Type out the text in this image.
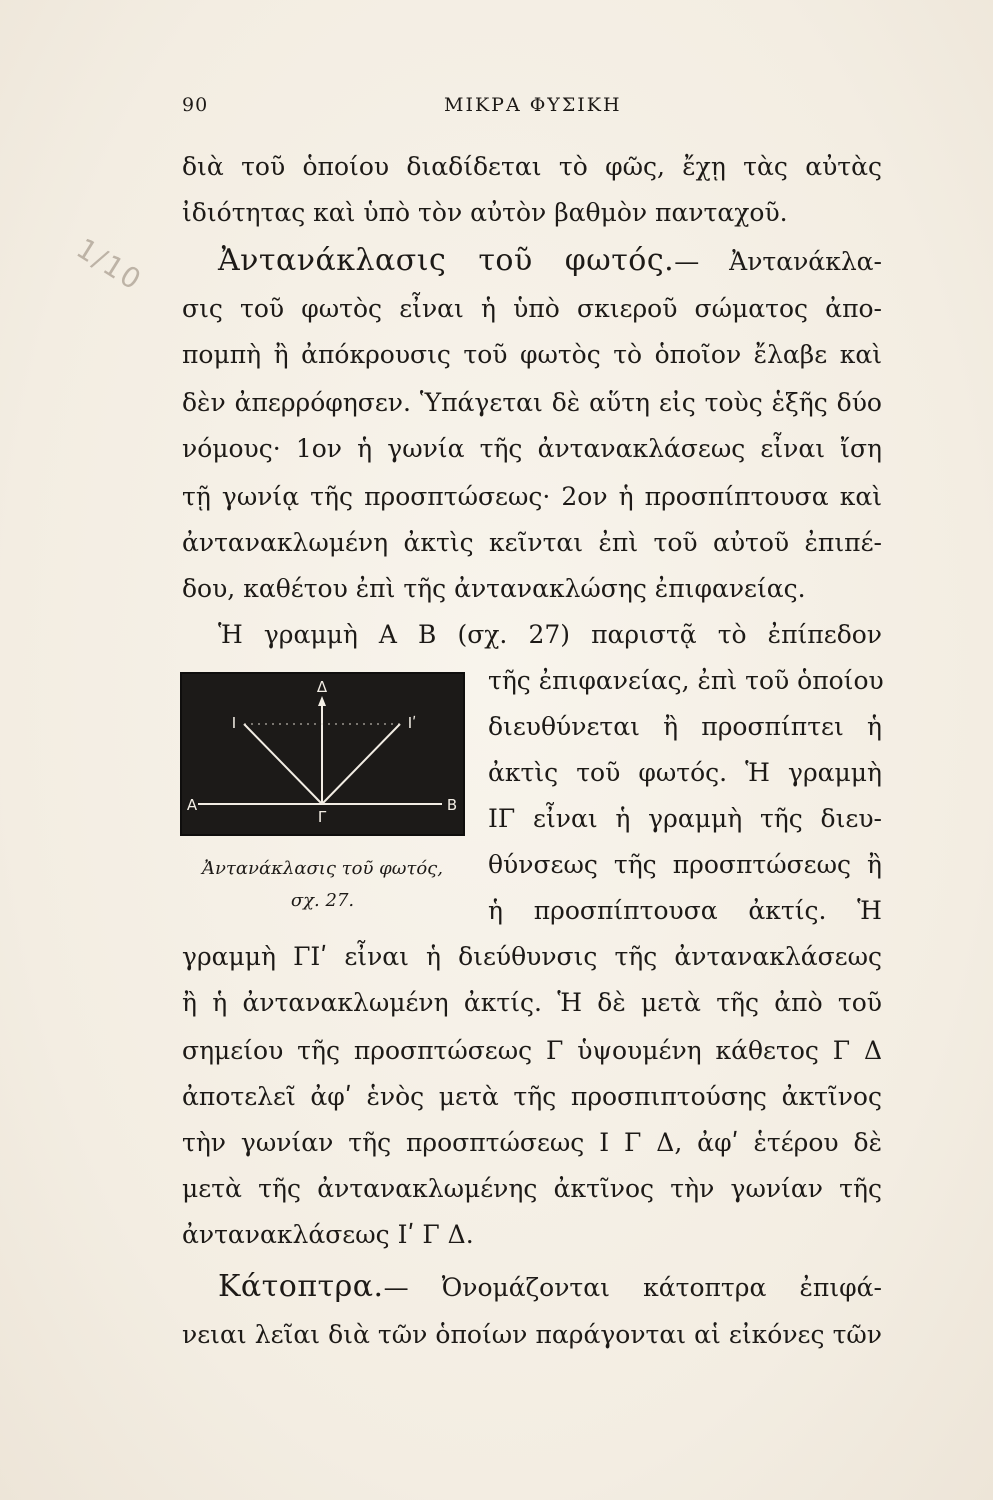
1/10
90	ΜΙΚΡΑ ΦΥΣΙΚΗ
διὰ τοῦ ὁποίου διαδίδεται τὸ φῶς, ἔχῃ τὰς αὐτὰς
ἰδιότητας καὶ ὑπὸ τὸν αὐτὸν βαθμὸν πανταχοῦ.
Ἀντανάκλασις τοῦ φωτός.— Ἀντανάκλα-
σις τοῦ φωτὸς εἶναι ἡ ὑπὸ σκιεροῦ σώματος ἀπο-
πομπὴ ἢ ἀπόκρουσις τοῦ φωτὸς τὸ ὁποῖον ἔλαβε καὶ
δὲν ἀπερρόφησεν. Ὑπάγεται δὲ αὕτη εἰς τοὺς ἑξῆς δύο
νόμους· 1ον ἡ γωνία τῆς ἀντανακλάσεως εἶναι ἴση
τῇ γωνίᾳ τῆς προσπτώσεως· 2ον ἡ προσπίπτουσα καὶ
ἀντανακλωμένη ἀκτὶς κεῖνται ἐπὶ τοῦ αὐτοῦ ἐπιπέ-
δου, καθέτου ἐπὶ τῆς ἀντανακλώσης ἐπιφανείας.
Ἡ γραμμὴ Α Β (σχ. 27) παριστᾷ τὸ ἐπίπεδον
τῆς ἐπιφανείας, ἐπὶ τοῦ ὁποίου
διευθύνεται ἢ προσπίπτει ἡ
ἀκτὶς τοῦ φωτός. Ἡ γραμμὴ
ΙΓ εἶναι ἡ γραμμὴ τῆς διευ-
θύνσεως τῆς προσπτώσεως ἢ
ἡ προσπίπτουσα ἀκτίς. Ἡ
Δ
Ι	Ιʹ
Α
Γ
Β
Ἀντανάκλασις τοῦ φωτός,
σχ. 27.
γραμμὴ ΓΙʹ εἶναι ἡ διεύθυνσις τῆς ἀντανακλάσεως
ἢ ἡ ἀντανακλωμένη ἀκτίς. Ἡ δὲ μετὰ τῆς ἀπὸ τοῦ
σημείου τῆς προσπτώσεως Γ ὑψουμένη κάθετος Γ Δ
ἀποτελεῖ ἀφʹ ἑνὸς μετὰ τῆς προσπιπτούσης ἀκτῖνος
τὴν γωνίαν τῆς προσπτώσεως Ι Γ Δ, ἀφʹ ἑτέρου δὲ
μετὰ τῆς ἀντανακλωμένης ἀκτῖνος τὴν γωνίαν τῆς
ἀντανακλάσεως Ιʹ Γ Δ.
Κάτοπτρα.— Ὀνομάζονται κάτοπτρα ἐπιφά-
νειαι λεῖαι διὰ τῶν ὁποίων παράγονται αἱ εἰκόνες τῶν
